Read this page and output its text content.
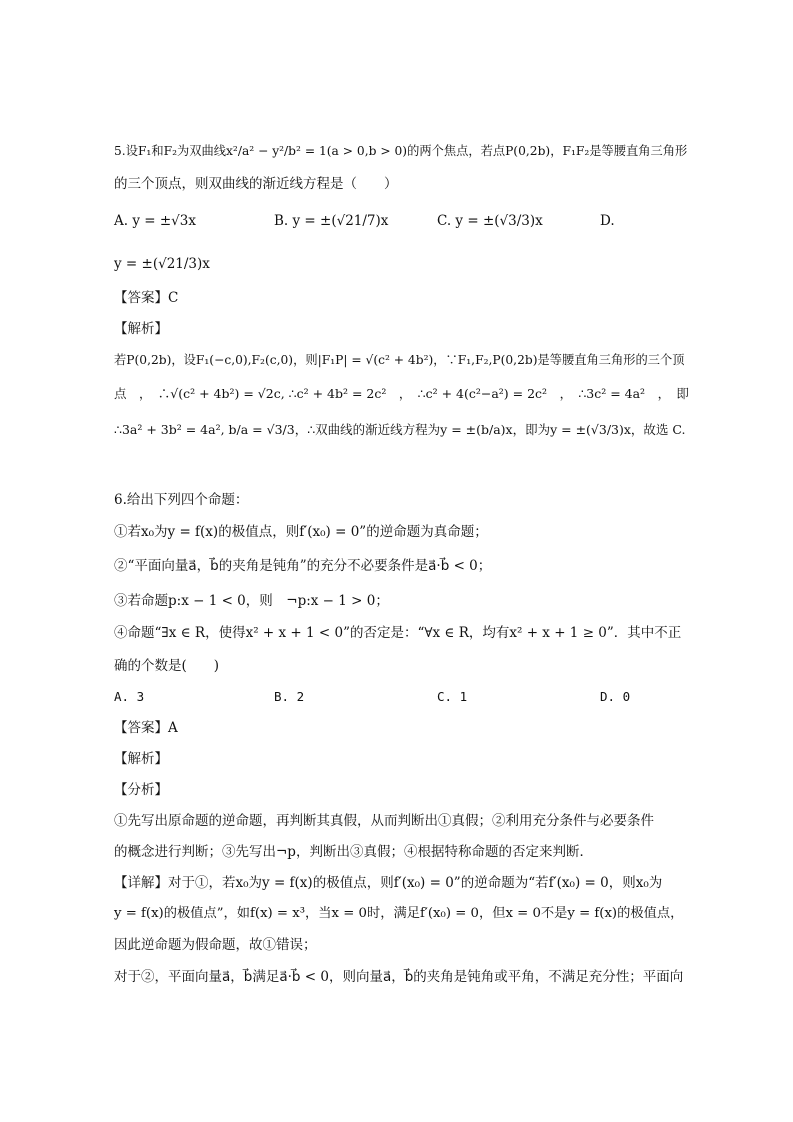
5.设F₁和F₂为双曲线x²/a² − y²/b² = 1(a > 0,b > 0)的两个焦点，若点P(0,2b)，F₁F₂是等腰直角三角形
的三个顶点，则双曲线的渐近线方程是（　　）
A. y = ±√3x	B. y = ±(√21/7)x	C. y = ±(√3/3)x	D.
y = ±(√21/3)x
【答案】C
【解析】
若P(0,2b)，设F₁(−c,0),F₂(c,0)，则|F₁P| = √(c² + 4b²)，∵F₁,F₂,P(0,2b)是等腰直角三角形的三个顶
点　，　∴√(c² + 4b²) = √2c, ∴c² + 4b² = 2c²　，　∴c² + 4(c²−a²) = 2c²　，　∴3c² = 4a²　，　即
∴3a² + 3b² = 4a², b/a = √3/3，∴双曲线的渐近线方程为y = ±(b/a)x，即为y = ±(√3/3)x，故选 C.
6.给出下列四个命题：
①若x₀为y = f(x)的极值点，则f′(x₀) = 0”的逆命题为真命题；
②“平面向量a⃗，b⃗的夹角是钝角”的充分不必要条件是a⃗·b⃗ < 0；
③若命题p:x − 1 < 0，则　¬p:x − 1 > 0；
④命题“∃x ∈ R，使得x² + x + 1 < 0”的否定是：“∀x ∈ R，均有x² + x + 1 ≥ 0”．其中不正
确的个数是(　　)
A. 3	B. 2	C. 1	D. 0
【答案】A
【解析】
【分析】
①先写出原命题的逆命题，再判断其真假，从而判断出①真假；②利用充分条件与必要条件
的概念进行判断；③先写出¬p，判断出③真假；④根据特称命题的否定来判断．
【详解】对于①，若x₀为y = f(x)的极值点，则f′(x₀) = 0”的逆命题为“若f′(x₀) = 0，则x₀为
y = f(x)的极值点”，如f(x) = x³，当x = 0时，满足f′(x₀) = 0，但x = 0不是y = f(x)的极值点，
因此逆命题为假命题，故①错误；
对于②，平面向量a⃗，b⃗满足a⃗·b⃗ < 0，则向量a⃗，b⃗的夹角是钝角或平角，不满足充分性；平面向
